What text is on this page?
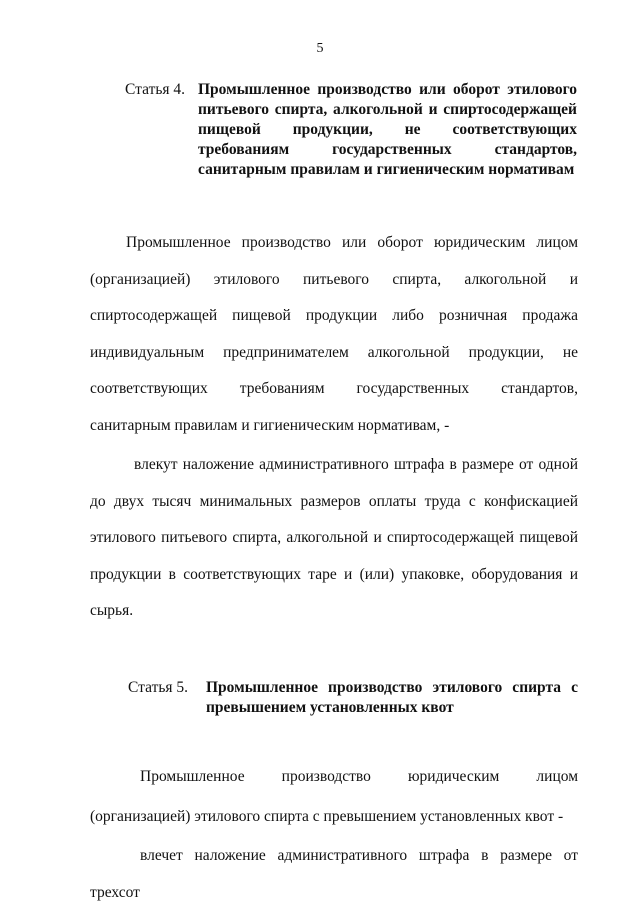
5
Статья 4. Промышленное производство или оборот этилового питьевого спирта, алкогольной и спиртосодержащей пищевой продукции, не соответствующих требованиям государственных стандартов, санитарным правилам и гигиеническим нормативам

Промышленное производство или оборот юридическим лицом (организацией) этилового питьевого спирта, алкогольной и спиртосодержащей пищевой продукции либо розничная продажа индивидуальным предпринимателем алкогольной продукции, не соответствующих требованиям государственных стандартов, санитарным правилам и гигиеническим нормативам, -

влекут наложение административного штрафа в размере от одной до двух тысяч минимальных размеров оплаты труда с конфискацией этилового питьевого спирта, алкогольной и спиртосодержащей пищевой продукции в соответствующих таре и (или) упаковке, оборудования и сырья.

Статья 5. Промышленное производство этилового спирта с превышением установленных квот

Промышленное производство юридическим лицом (организацией) этилового спирта с превышением установленных квот -

влечет наложение административного штрафа в размере от трехсот
